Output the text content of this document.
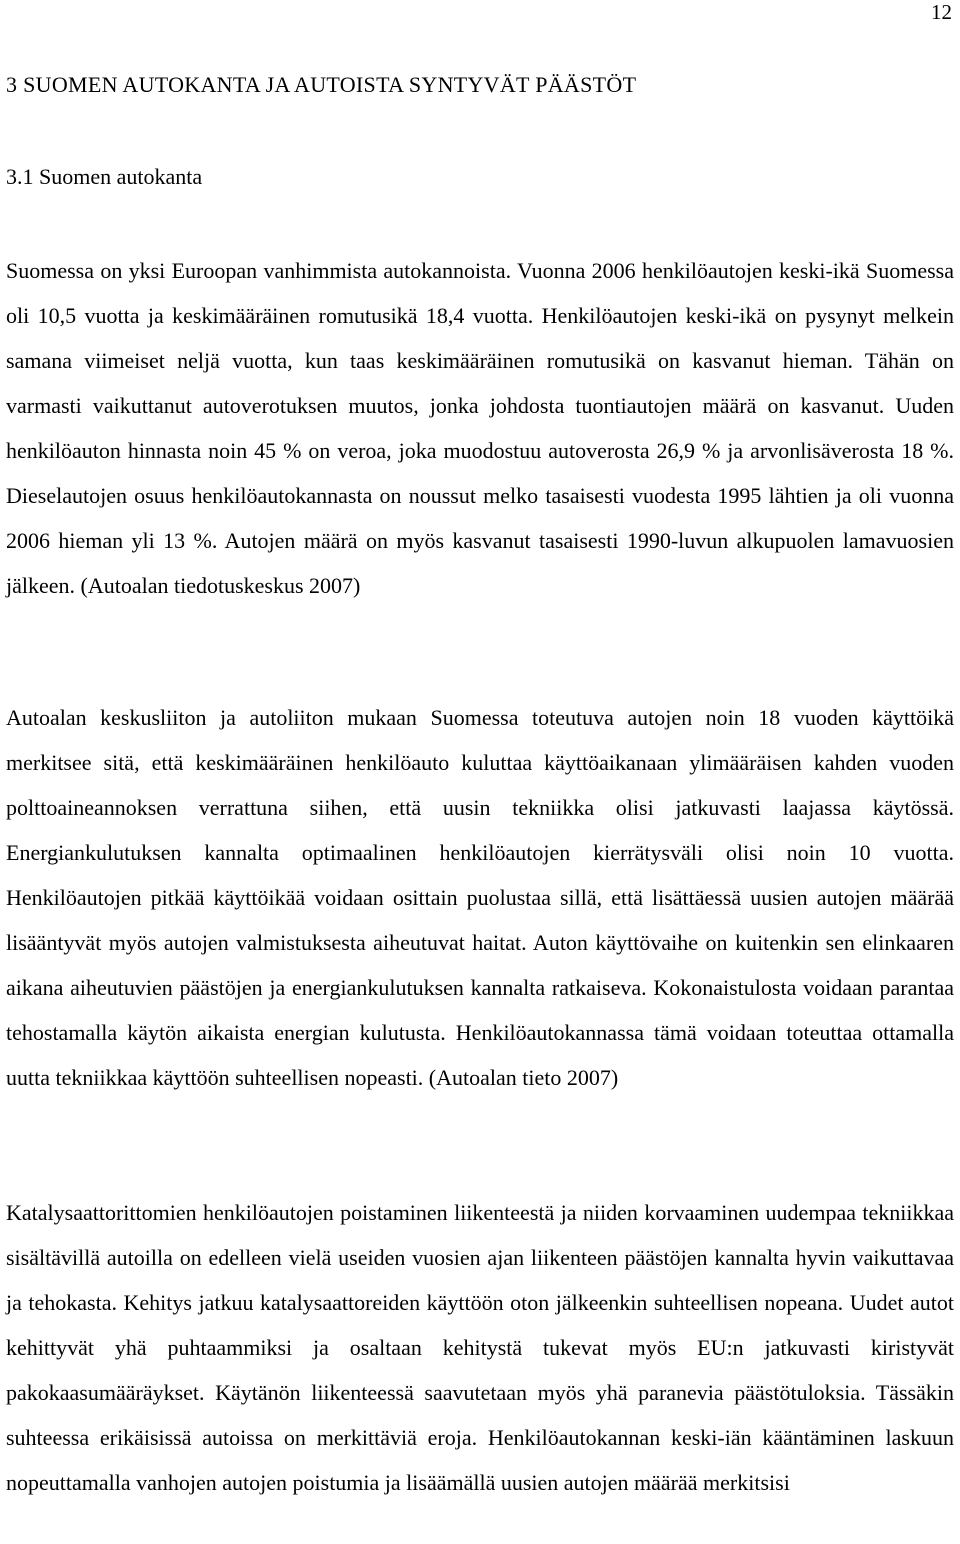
12
3 SUOMEN AUTOKANTA JA AUTOISTA SYNTYVÄT PÄÄSTÖT
3.1 Suomen autokanta

Suomessa on yksi Euroopan vanhimmista autokannoista. Vuonna 2006 henkilöautojen keski-ikä Suomessa oli 10,5 vuotta ja keskimääräinen romutusikä 18,4 vuotta. Henkilöautojen keski-ikä on pysynyt melkein samana viimeiset neljä vuotta, kun taas keskimääräinen romutusikä on kasvanut hieman. Tähän on varmasti vaikuttanut autoverotuksen muutos, jonka johdosta tuontiautojen määrä on kasvanut. Uuden henkilöauton hinnasta noin 45 % on veroa, joka muodostuu autoverosta 26,9 % ja arvonlisäverosta 18 %. Dieselautojen osuus henkilöautokannasta on noussut melko tasaisesti vuodesta 1995 lähtien ja oli vuonna 2006 hieman yli 13 %. Autojen määrä on myös kasvanut tasaisesti 1990-luvun alkupuolen lamavuosien jälkeen. (Autoalan tiedotuskeskus 2007)

Autoalan keskusliiton ja autoliiton mukaan Suomessa toteutuva autojen noin 18 vuoden käyttöikä merkitsee sitä, että keskimääräinen henkilöauto kuluttaa käyttöaikanaan ylimääräisen kahden vuoden polttoaineannoksen verrattuna siihen, että uusin tekniikka olisi jatkuvasti laajassa käytössä. Energiankulutuksen kannalta optimaalinen henkilöautojen kierrätysväli olisi noin 10 vuotta. Henkilöautojen pitkää käyttöikää voidaan osittain puolustaa sillä, että lisättäessä uusien autojen määrää lisääntyvät myös autojen valmistuksesta aiheutuvat haitat. Auton käyttövaihe on kuitenkin sen elinkaaren aikana aiheutuvien päästöjen ja energiankulutuksen kannalta ratkaiseva. Kokonaistulosta voidaan parantaa tehostamalla käytön aikaista energian kulutusta. Henkilöautokannassa tämä voidaan toteuttaa ottamalla uutta tekniikkaa käyttöön suhteellisen nopeasti. (Autoalan tieto 2007)

Katalysaattorittomien henkilöautojen poistaminen liikenteestä ja niiden korvaaminen uudempaa tekniikkaa sisältävillä autoilla on edelleen vielä useiden vuosien ajan liikenteen päästöjen kannalta hyvin vaikuttavaa ja tehokasta. Kehitys jatkuu katalysaattoreiden käyttöön oton jälkeenkin suhteellisen nopeana. Uudet autot kehittyvät yhä puhtaammiksi ja osaltaan kehitystä tukevat myös EU:n jatkuvasti kiristyvät pakokaasumääräykset. Käytänön liikenteessä saavutetaan myös yhä paranevia päästötuloksia. Tässäkin suhteessa erikäisissä autoissa on merkittäviä eroja. Henkilöautokannan keski-iän kääntäminen laskuun nopeuttamalla vanhojen autojen poistumia ja lisäämällä uusien autojen määrää merkitsisi
